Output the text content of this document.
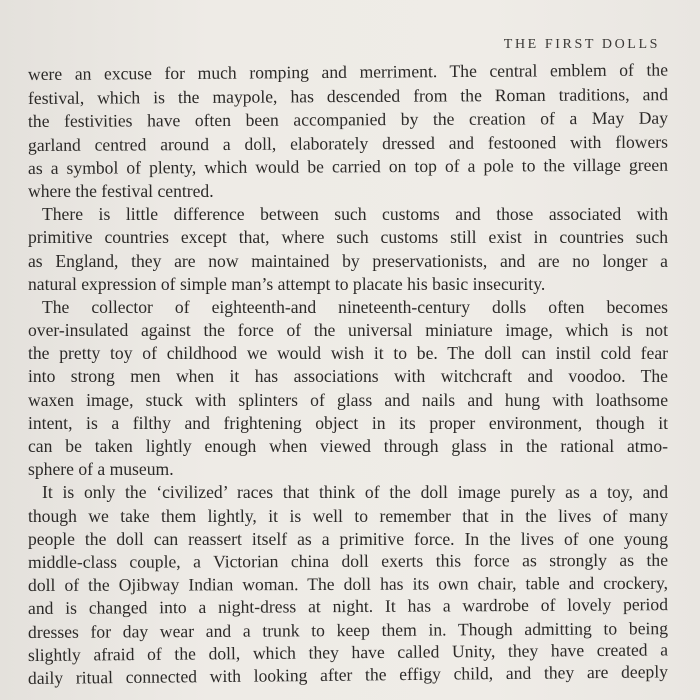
THE FIRST DOLLS
were an excuse for much romping and merriment. The central emblem of the
festival, which is the maypole, has descended from the Roman traditions, and
the festivities have often been accompanied by the creation of a May Day
garland centred around a doll, elaborately dressed and festooned with flowers
as a symbol of plenty, which would be carried on top of a pole to the village green
where the festival centred.
There is little difference between such customs and those associated with
primitive countries except that, where such customs still exist in countries such
as England, they are now maintained by preservationists, and are no longer a
natural expression of simple man’s attempt to placate his basic insecurity.
The collector of eighteenth-and nineteenth-century dolls often becomes
over-insulated against the force of the universal miniature image, which is not
the pretty toy of childhood we would wish it to be. The doll can instil cold fear
into strong men when it has associations with witchcraft and voodoo. The
waxen image, stuck with splinters of glass and nails and hung with loathsome
intent, is a filthy and frightening object in its proper environment, though it
can be taken lightly enough when viewed through glass in the rational atmo-
sphere of a museum.
It is only the ‘civilized’ races that think of the doll image purely as a toy, and
though we take them lightly, it is well to remember that in the lives of many
people the doll can reassert itself as a primitive force. In the lives of one young
middle-class couple, a Victorian china doll exerts this force as strongly as the
doll of the Ojibway Indian woman. The doll has its own chair, table and crockery,
and is changed into a night-dress at night. It has a wardrobe of lovely period
dresses for day wear and a trunk to keep them in. Though admitting to being
slightly afraid of the doll, which they have called Unity, they have created a
daily ritual connected with looking after the effigy child, and they are deeply
